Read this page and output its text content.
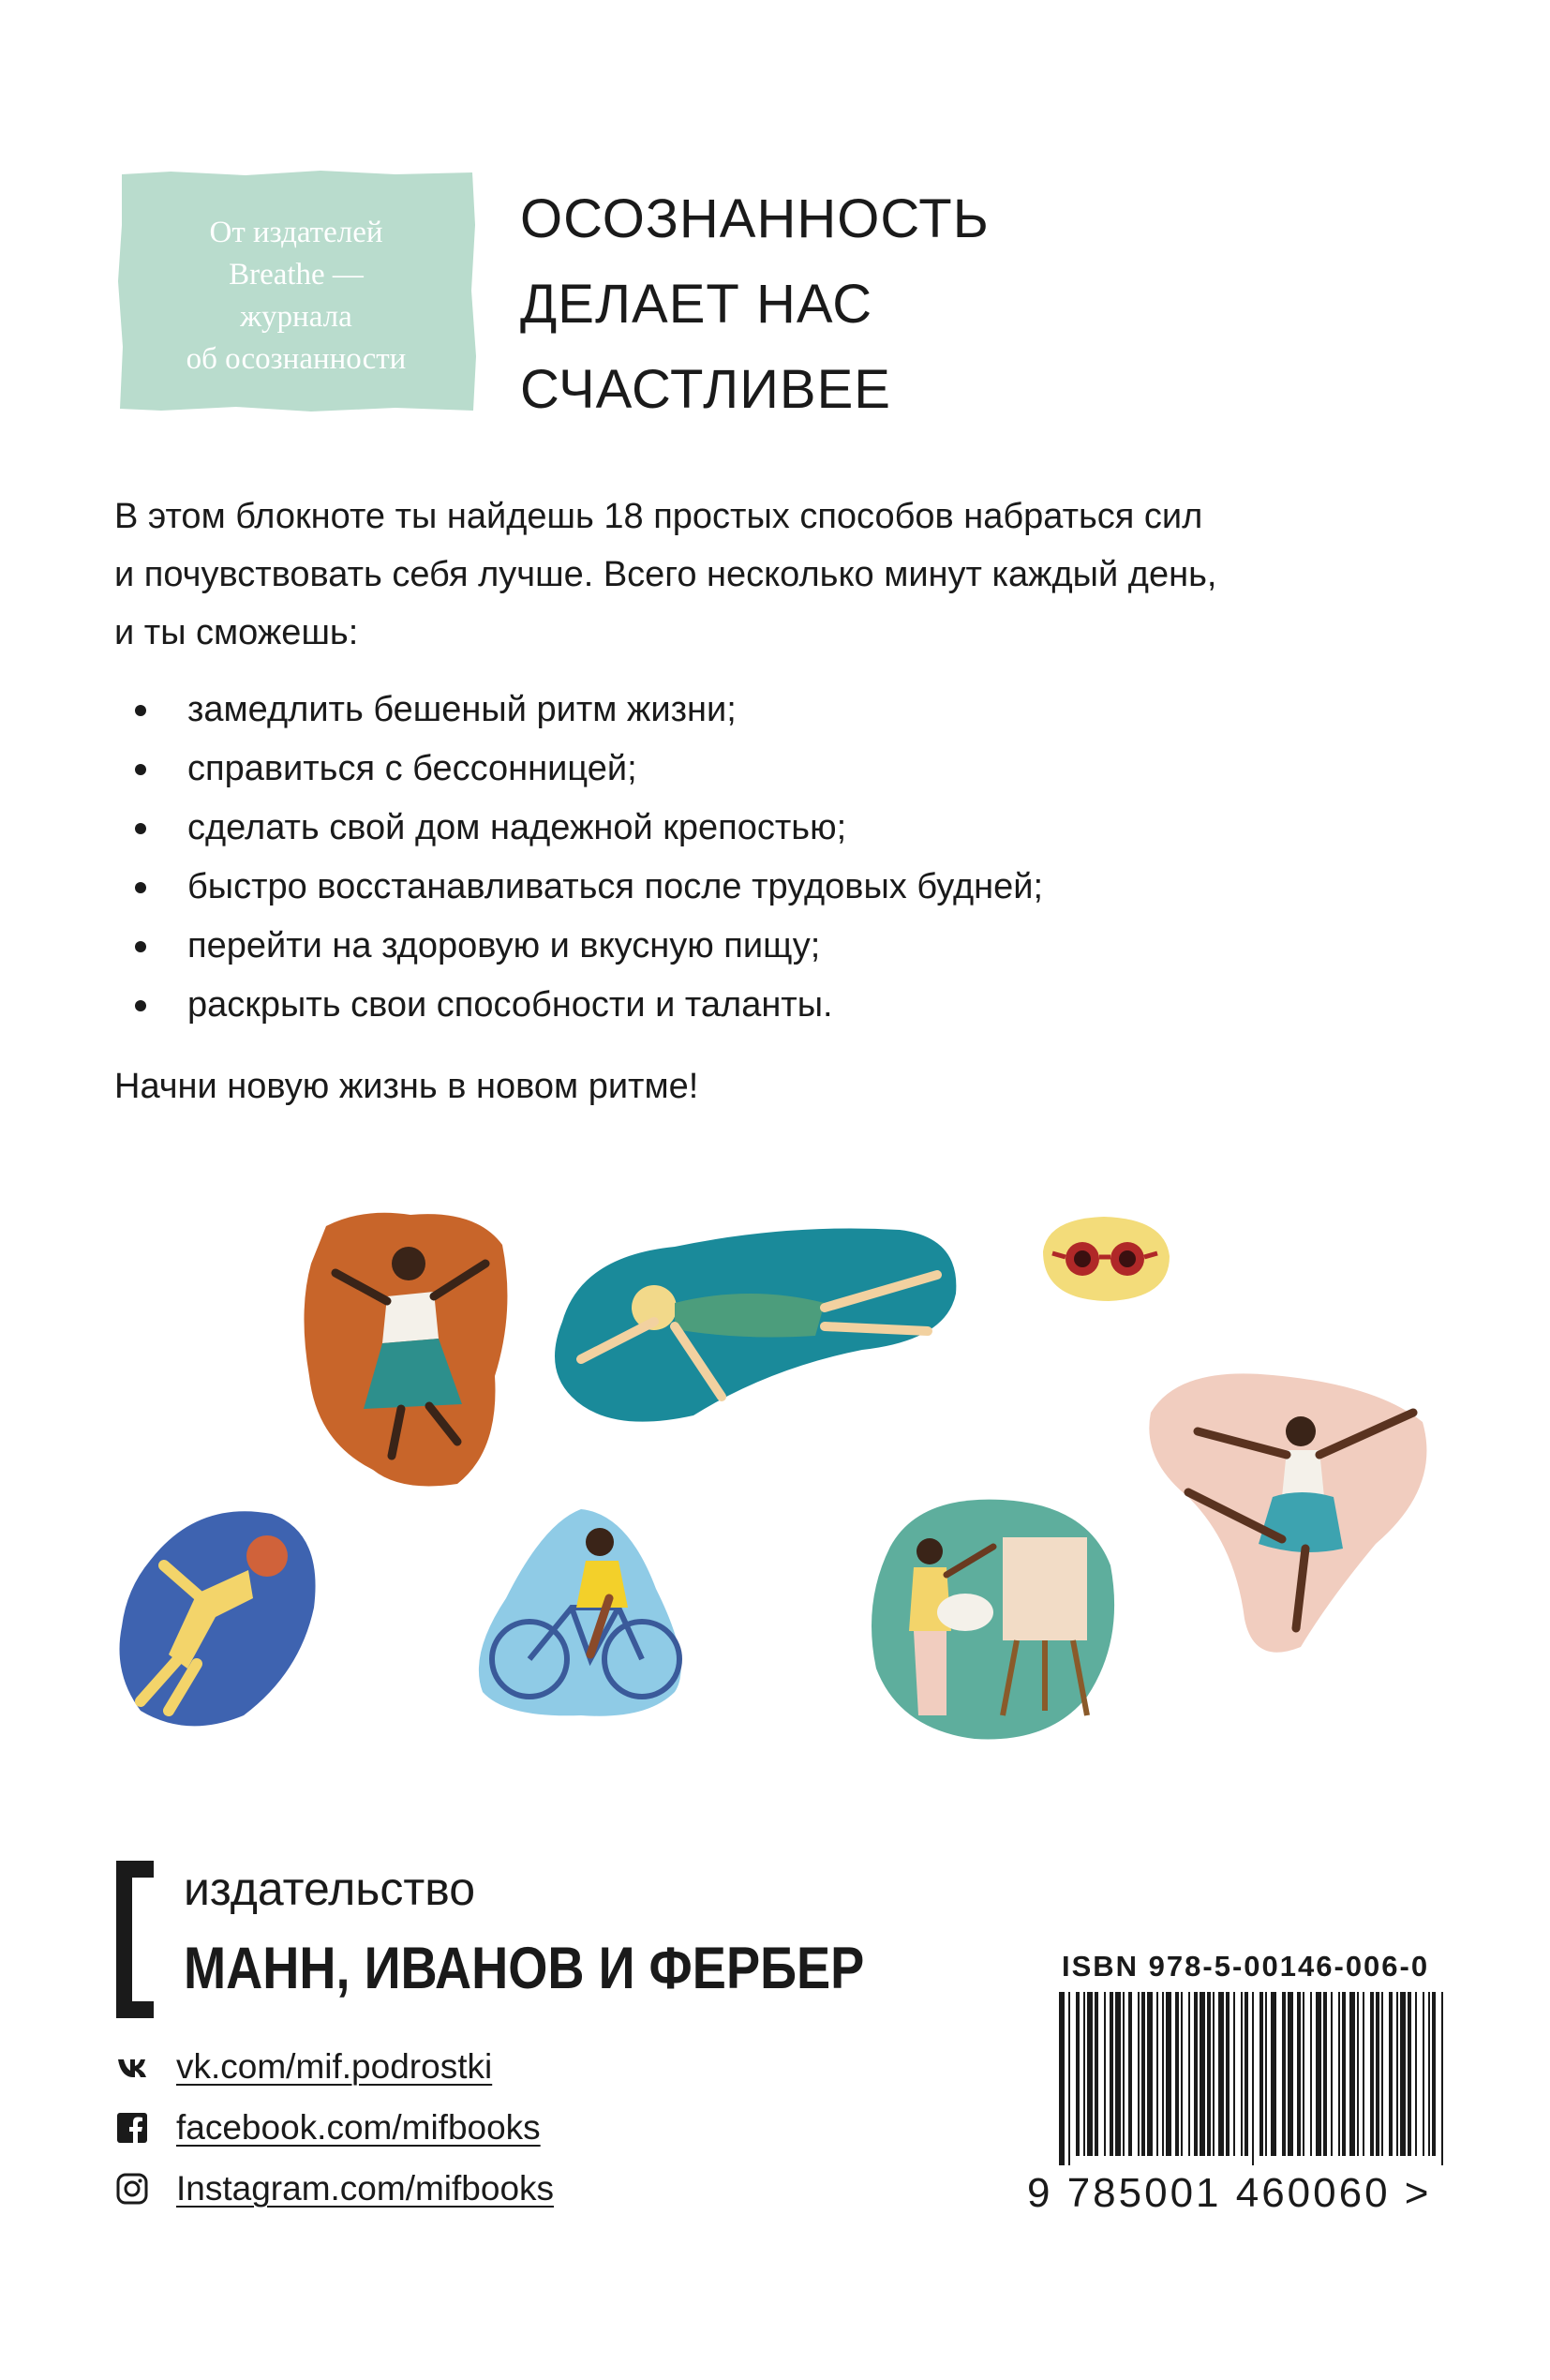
От издателей
Breathe —
журнала
об осознанности
ОСОЗНАННОСТЬ
ДЕЛАЕТ НАС
СЧАСТЛИВЕЕ
В этом блокноте ты найдешь 18 простых способов набраться сил
и почувствовать себя лучше. Всего несколько минут каждый день,
и ты сможешь:
замедлить бешеный ритм жизни;
справиться с бессонницей;
сделать свой дом надежной крепостью;
быстро восстанавливаться после трудовых будней;
перейти на здоровую и вкусную пищу;
раскрыть свои способности и таланты.
Начни новую жизнь в новом ритме!
издательство
МАНН, ИВАНОВ И ФЕРБЕР
vk.com/mif.podrostki
facebook.com/mifbooks
Instagram.com/mifbooks
ISBN 978-5-00146-006-0
9 785001 460060 >
